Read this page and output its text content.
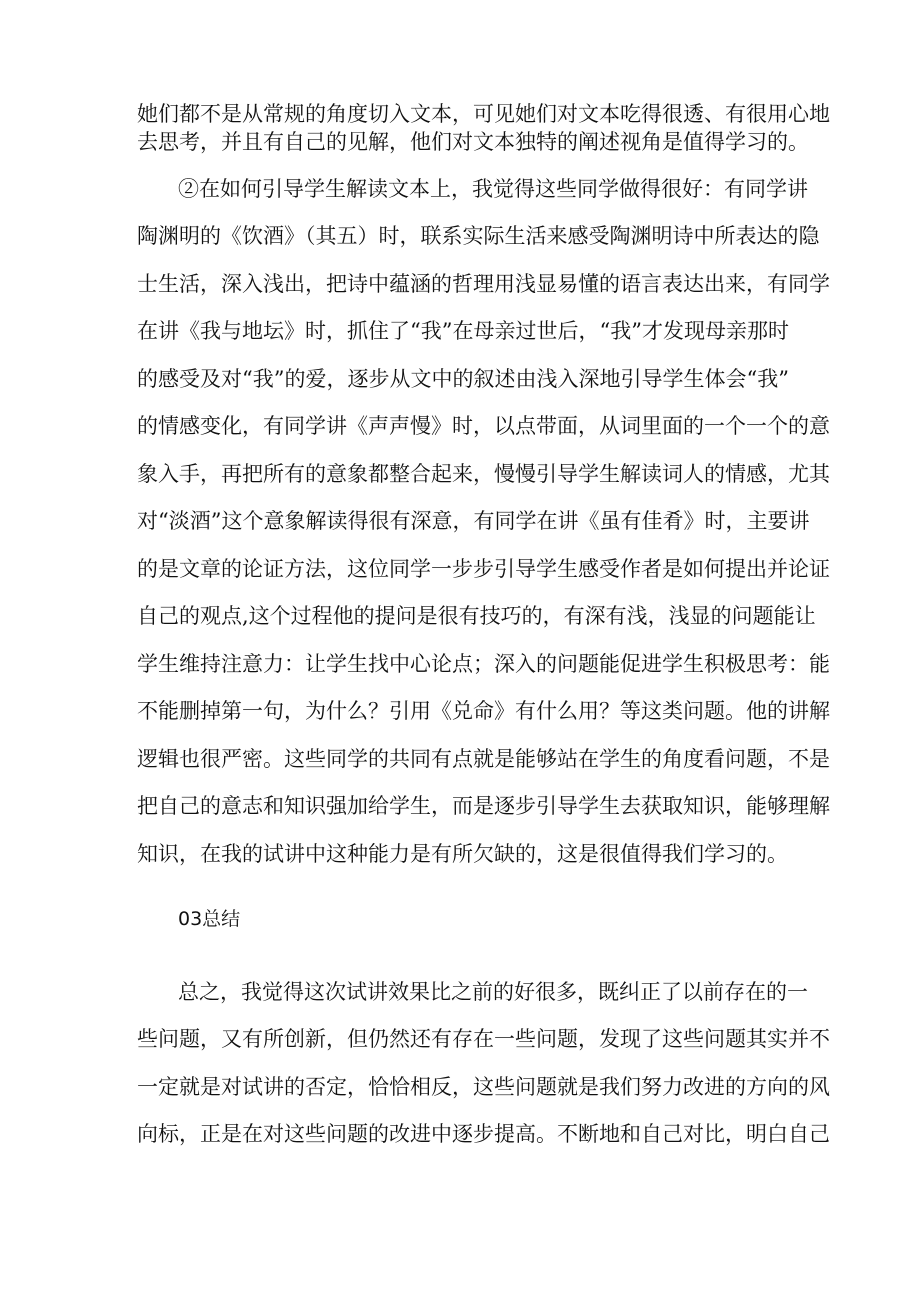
她们都不是从常规的角度切入文本，可见她们对文本吃得很透、有很用心地
去思考，并且有自己的见解，他们对文本独特的阐述视角是值得学习的。
②在如何引导学生解读文本上，我觉得这些同学做得很好：有同学讲
陶渊明的《饮酒》（其五）时，联系实际生活来感受陶渊明诗中所表达的隐
士生活，深入浅出，把诗中蕴涵的哲理用浅显易懂的语言表达出来，有同学
在讲《我与地坛》时，抓住了“我”在母亲过世后，“我”才发现母亲那时
的感受及对“我”的爱，逐步从文中的叙述由浅入深地引导学生体会“我”
的情感变化，有同学讲《声声慢》时，以点带面，从词里面的一个一个的意
象入手，再把所有的意象都整合起来，慢慢引导学生解读词人的情感，尤其
对“淡酒”这个意象解读得很有深意，有同学在讲《虽有佳肴》时，主要讲
的是文章的论证方法，这位同学一步步引导学生感受作者是如何提出并论证
自己的观点,这个过程他的提问是很有技巧的，有深有浅，浅显的问题能让
学生维持注意力：让学生找中心论点；深入的问题能促进学生积极思考：能
不能删掉第一句，为什么？引用《兑命》有什么用？等这类问题。他的讲解
逻辑也很严密。这些同学的共同有点就是能够站在学生的角度看问题，不是
把自己的意志和知识强加给学生，而是逐步引导学生去获取知识，能够理解
知识，在我的试讲中这种能力是有所欠缺的，这是很值得我们学习的。
03总结
总之，我觉得这次试讲效果比之前的好很多，既纠正了以前存在的一
些问题，又有所创新，但仍然还有存在一些问题，发现了这些问题其实并不
一定就是对试讲的否定，恰恰相反，这些问题就是我们努力改进的方向的风
向标，正是在对这些问题的改进中逐步提高。不断地和自己对比，明白自己
